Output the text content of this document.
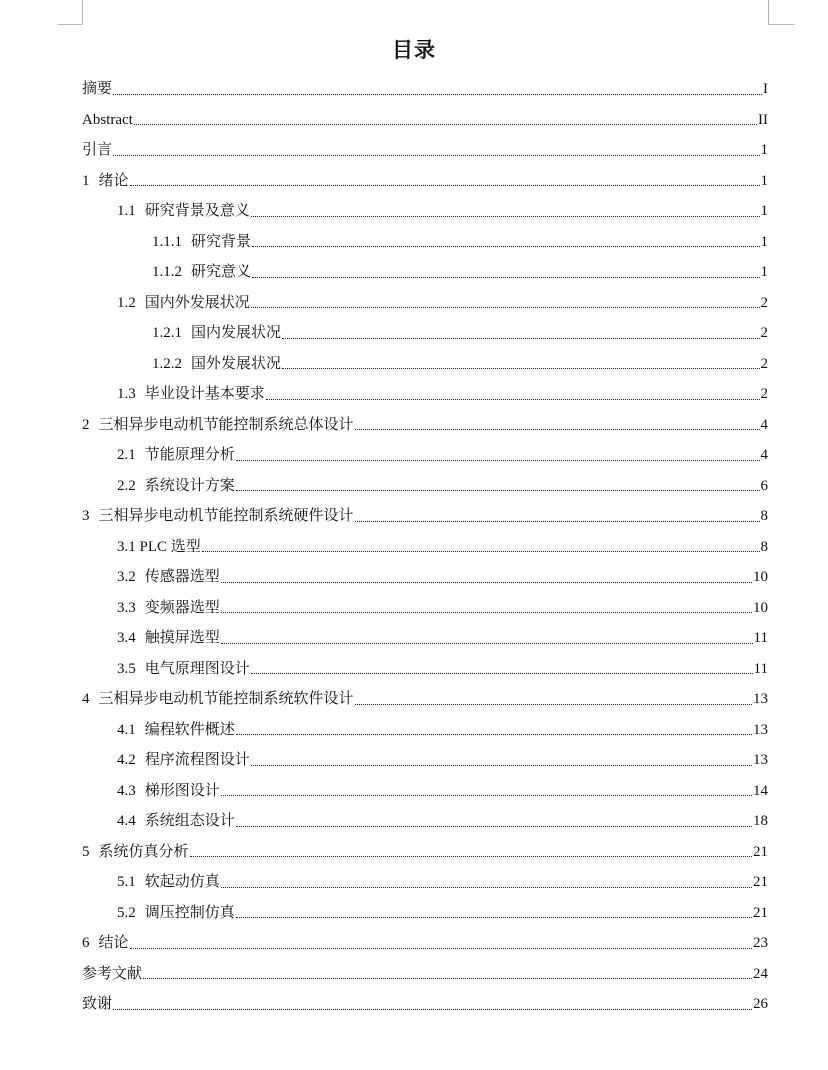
目录
摘要	I
Abstract	II
引言	1
1 绪论	1
1.1 研究背景及意义	1
1.1.1 研究背景	1
1.1.2 研究意义	1
1.2 国内外发展状况	2
1.2.1 国内发展状况	2
1.2.2 国外发展状况	2
1.3 毕业设计基本要求	2
2 三相异步电动机节能控制系统总体设计	4
2.1 节能原理分析	4
2.2 系统设计方案	6
3 三相异步电动机节能控制系统硬件设计	8
3.1 PLC 选型	8
3.2 传感器选型	10
3.3 变频器选型	10
3.4 触摸屏选型	11
3.5 电气原理图设计	11
4 三相异步电动机节能控制系统软件设计	13
4.1 编程软件概述	13
4.2 程序流程图设计	13
4.3 梯形图设计	14
4.4 系统组态设计	18
5 系统仿真分析	21
5.1 软起动仿真	21
5.2 调压控制仿真	21
6 结论	23
参考文献	24
致谢	26
